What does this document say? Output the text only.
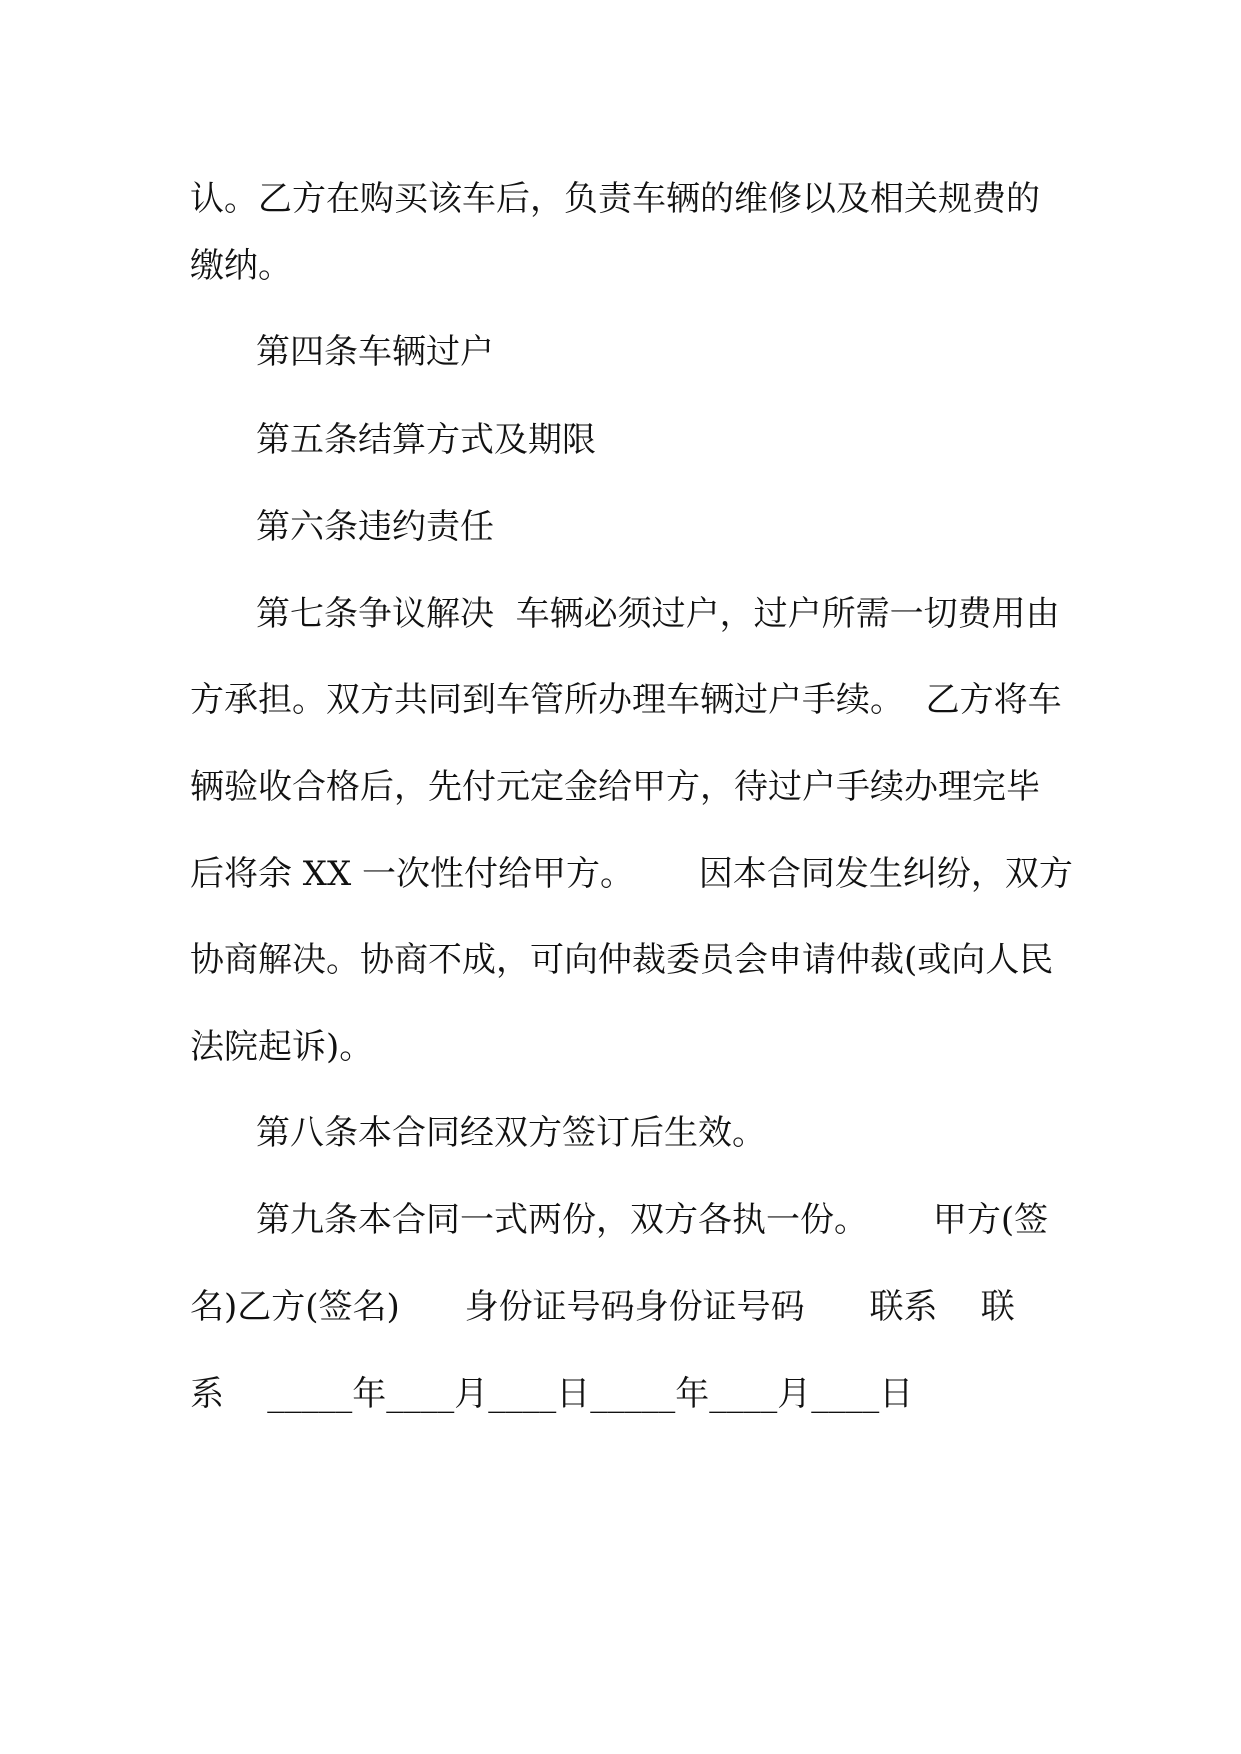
认。乙方在购买该车后，负责车辆的维修以及相关规费的

缴纳。

第四条车辆过户

第五条结算方式及期限

第六条违约责任

第七条争议解决  车辆必须过户，过户所需一切费用由

方承担。双方共同到车管所办理车辆过户手续。  乙方将车

辆验收合格后，先付元定金给甲方，待过户手续办理完毕

后将余 XX 一次性付给甲方。      因本合同发生纠纷，双方

协商解决。协商不成，可向仲裁委员会申请仲裁(或向人民

法院起诉)。

第八条本合同经双方签订后生效。

第九条本合同一式两份，双方各执一份。      甲方(签

名)乙方(签名)      身份证号码身份证号码      联系    联

系    _____年____月____日_____年____月____日
